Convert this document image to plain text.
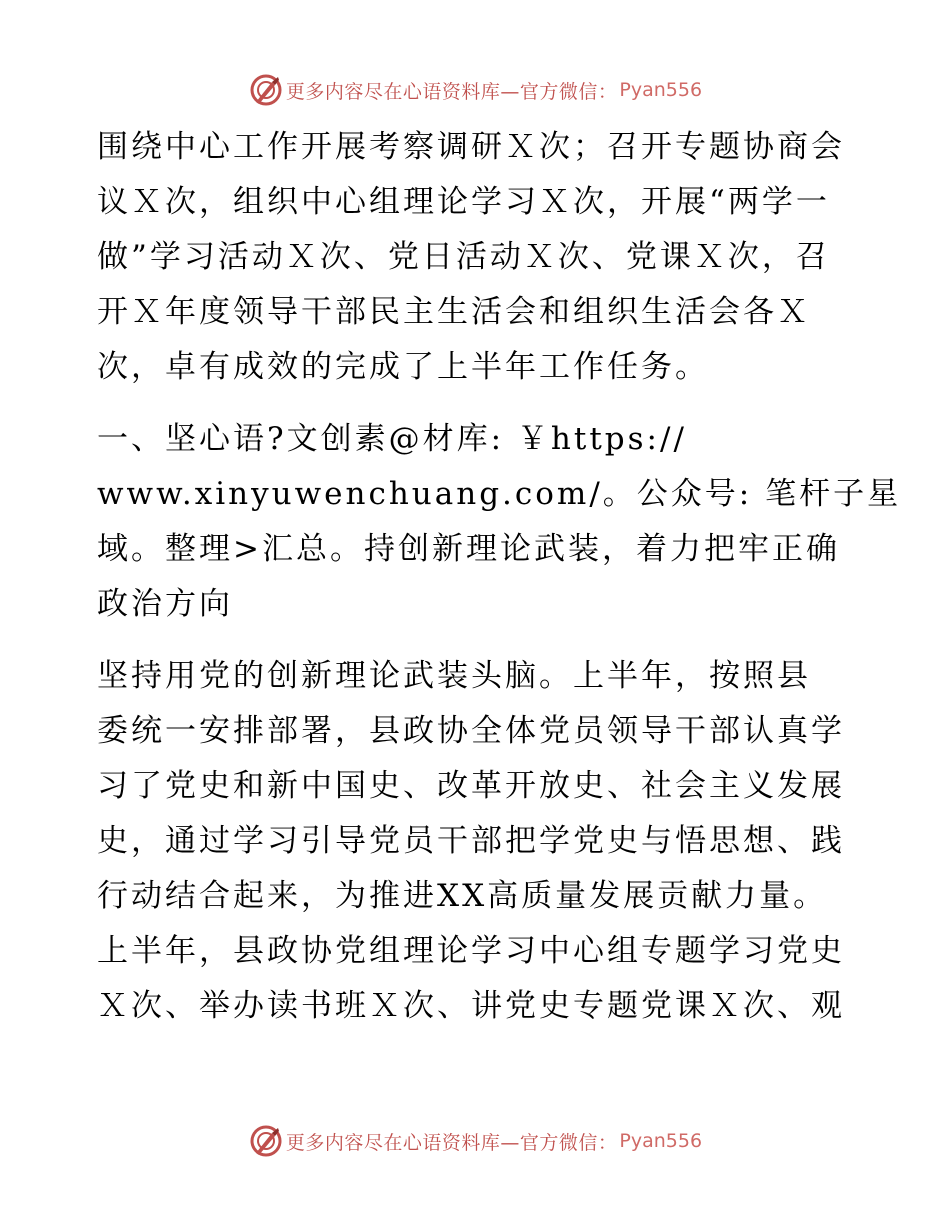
更多内容尽在心语资料库—官方微信： Pyan556

围绕中心工作开展考察调研Ｘ次；召开专题协商会
议Ｘ次，组织中心组理论学习Ｘ次，开展“两学一
做”学习活动Ｘ次、党日活动Ｘ次、党课Ｘ次，召
开Ｘ年度领导干部民主生活会和组织生活会各Ｘ
次，卓有成效的完成了上半年工作任务。

一、坚心语?文创素@材库: ￥https://
www.xinyuwenchuang.com/。公众号: 笔杆子星
域。整理>汇总。持创新理论武装，着力把牢正确
政治方向

坚持用党的创新理论武装头脑。上半年，按照县
委统一安排部署，县政协全体党员领导干部认真学
习了党史和新中国史、改革开放史、社会主义发展
史，通过学习引导党员干部把学党史与悟思想、践
行动结合起来，为推进XX高质量发展贡献力量。
上半年，县政协党组理论学习中心组专题学习党史
Ｘ次、举办读书班Ｘ次、讲党史专题党课Ｘ次、观

更多内容尽在心语资料库—官方微信： Pyan556
